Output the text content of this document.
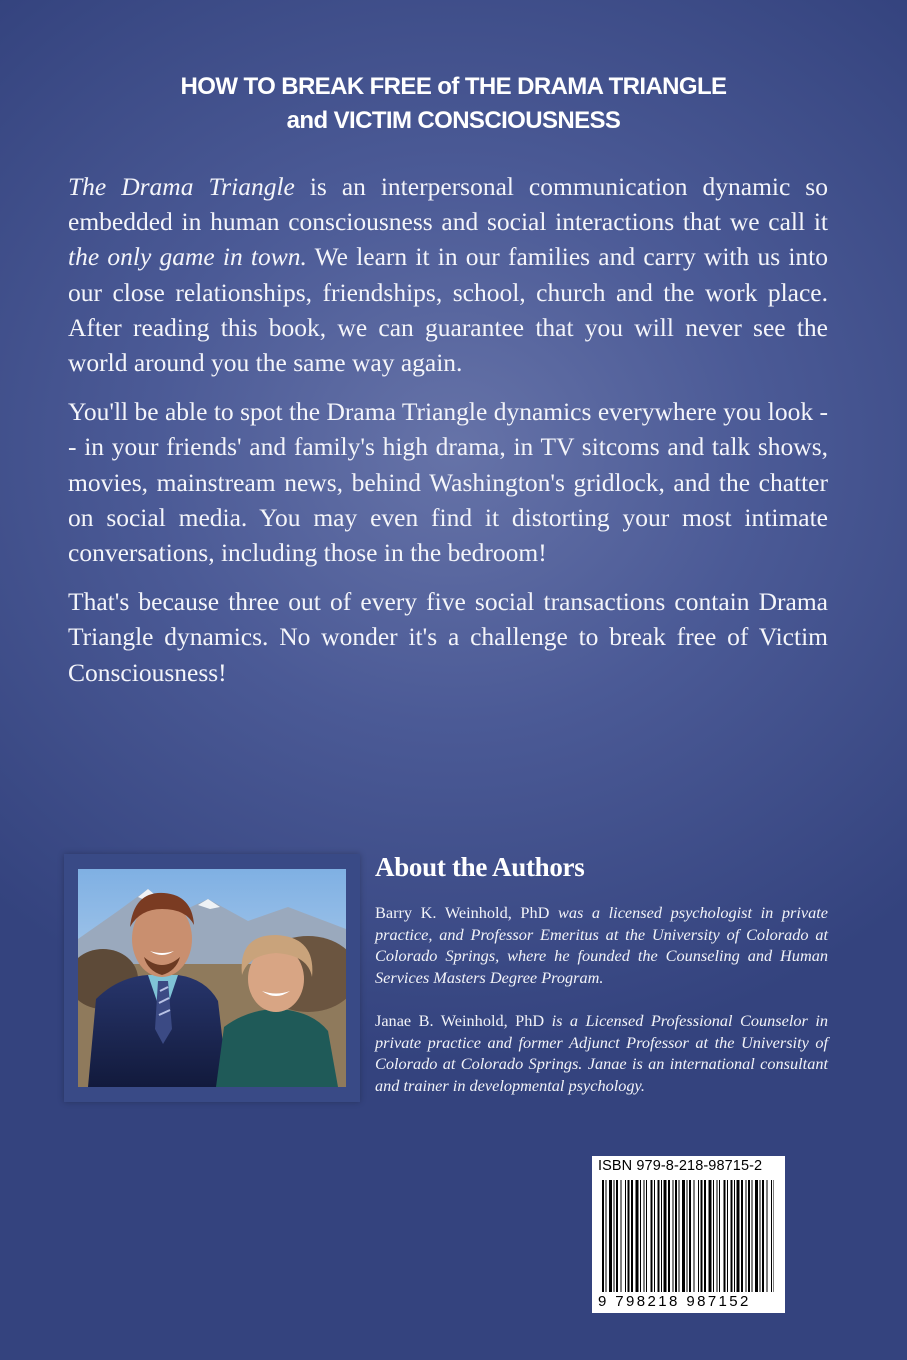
HOW TO BREAK FREE of THE DRAMA TRIANGLE
and VICTIM CONSCIOUSNESS

The Drama Triangle is an interpersonal communication dynamic so embedded in human consciousness and social interactions that we call it the only game in town. We learn it in our families and carry with us into our close relationships, friendships, school, church and the work place. After reading this book, we can guarantee that you will never see the world around you the same way again.

You'll be able to spot the Drama Triangle dynamics everywhere you look -- in your friends' and family's high drama, in TV sitcoms and talk shows, movies, mainstream news, behind Washington's gridlock, and the chatter on social media. You may even find it distorting your most intimate conversations, including those in the bedroom!

That's because three out of every five social transactions contain Drama Triangle dynamics. No wonder it's a challenge to break free of Victim Consciousness!

About the Authors
Barry K. Weinhold, PhD was a licensed psychologist in private practice, and Professor Emeritus at the University of Colorado at Colorado Springs, where he founded the Counseling and Human Services Masters Degree Program.
Janae B. Weinhold, PhD is a Licensed Professional Counselor in private practice and former Adjunct Professor at the University of Colorado at Colorado Springs. Janae is an international consultant and trainer in developmental psychology.
ISBN 979-8-218-98715-2
9 798218 987152
